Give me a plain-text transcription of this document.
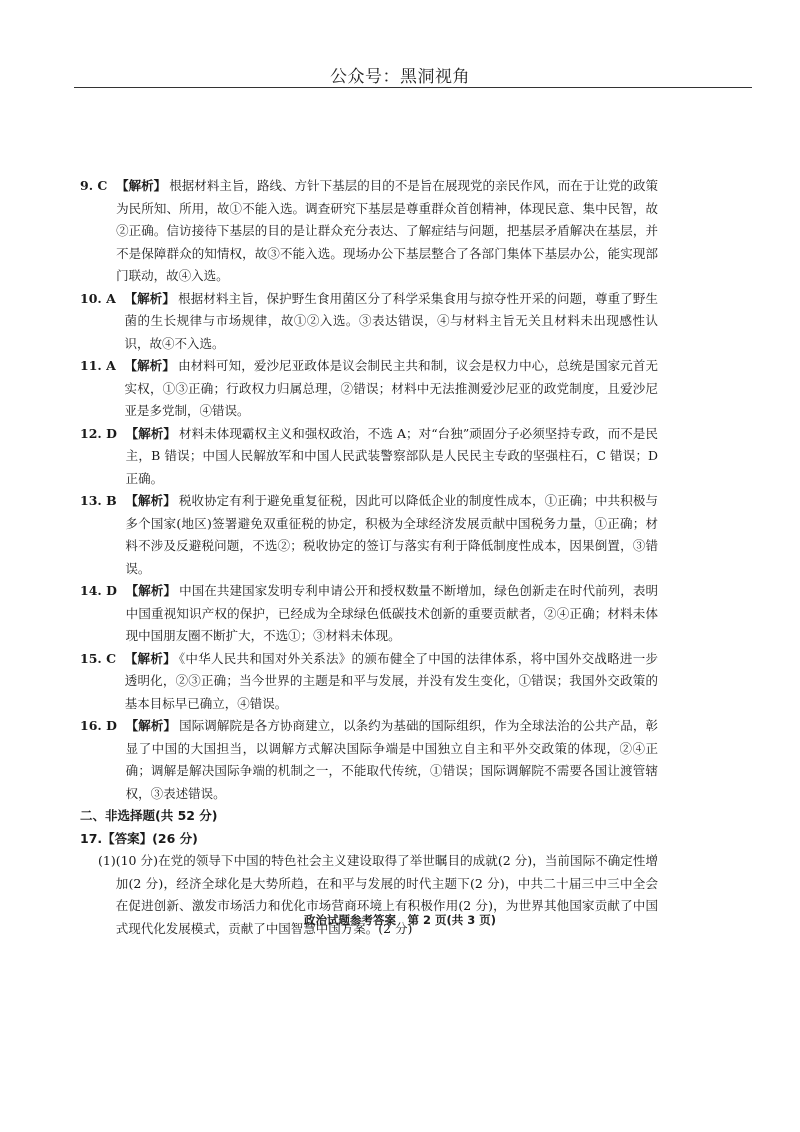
公众号：黑洞视角
9. C
【解析】 根据材料主旨，路线、方针下基层的目的不是旨在展现党的亲民作风，而在于让党的政策为民所知、所用，故①不能入选。调查研究下基层是尊重群众首创精神，体现民意、集中民智，故②正确。信访接待下基层的目的是让群众充分表达、了解症结与问题，把基层矛盾解决在基层，并不是保障群众的知情权，故③不能入选。现场办公下基层整合了各部门集体下基层办公，能实现部门联动，故④入选。
10. A
【解析】 根据材料主旨，保护野生食用菌区分了科学采集食用与掠夺性开采的问题，尊重了野生菌的生长规律与市场规律，故①②入选。③表达错误，④与材料主旨无关且材料未出现感性认识，故④不入选。
11. A
【解析】 由材料可知，爱沙尼亚政体是议会制民主共和制，议会是权力中心，总统是国家元首无实权，①③正确；行政权力归属总理，②错误；材料中无法推测爱沙尼亚的政党制度，且爱沙尼亚是多党制，④错误。
12. D
【解析】 材料未体现霸权主义和强权政治，不选 A；对“台独”顽固分子必须坚持专政，而不是民主，B 错误；中国人民解放军和中国人民武装警察部队是人民民主专政的坚强柱石，C 错误；D 正确。
13. B
【解析】 税收协定有利于避免重复征税，因此可以降低企业的制度性成本，①正确；中共积极与多个国家(地区)签署避免双重征税的协定，积极为全球经济发展贡献中国税务力量，①正确；材料不涉及反避税问题，不选②；税收协定的签订与落实有利于降低制度性成本，因果倒置，③错误。
14. D
【解析】 中国在共建国家发明专利申请公开和授权数量不断增加，绿色创新走在时代前列，表明中国重视知识产权的保护，已经成为全球绿色低碳技术创新的重要贡献者，②④正确；材料未体现中国朋友圈不断扩大，不选①；③材料未体现。
15. C
【解析】 《中华人民共和国对外关系法》的颁布健全了中国的法律体系，将中国外交战略进一步透明化，②③正确；当今世界的主题是和平与发展，并没有发生变化，①错误；我国外交政策的基本目标早已确立，④错误。
16. D
【解析】 国际调解院是各方协商建立，以条约为基础的国际组织，作为全球法治的公共产品，彰显了中国的大国担当，以调解方式解决国际争端是中国独立自主和平外交政策的体现，②④正确；调解是解决国际争端的机制之一，不能取代传统，①错误；国际调解院不需要各国让渡管辖权，③表述错误。
二、非选择题(共 52 分)
17.【答案】(26 分)
(1) (10 分)在党的领导下中国的特色社会主义建设取得了举世瞩目的成就(2 分)，当前国际不确定性增加(2 分)，经济全球化是大势所趋，在和平与发展的时代主题下(2 分)，中共二十届三中三中全会在促进创新、激发市场活力和优化市场营商环境上有积极作用(2 分)，为世界其他国家贡献了中国式现代化发展模式，贡献了中国智慧中国方案。(2 分)
政治试题参考答案　第 2 页(共 3 页)
